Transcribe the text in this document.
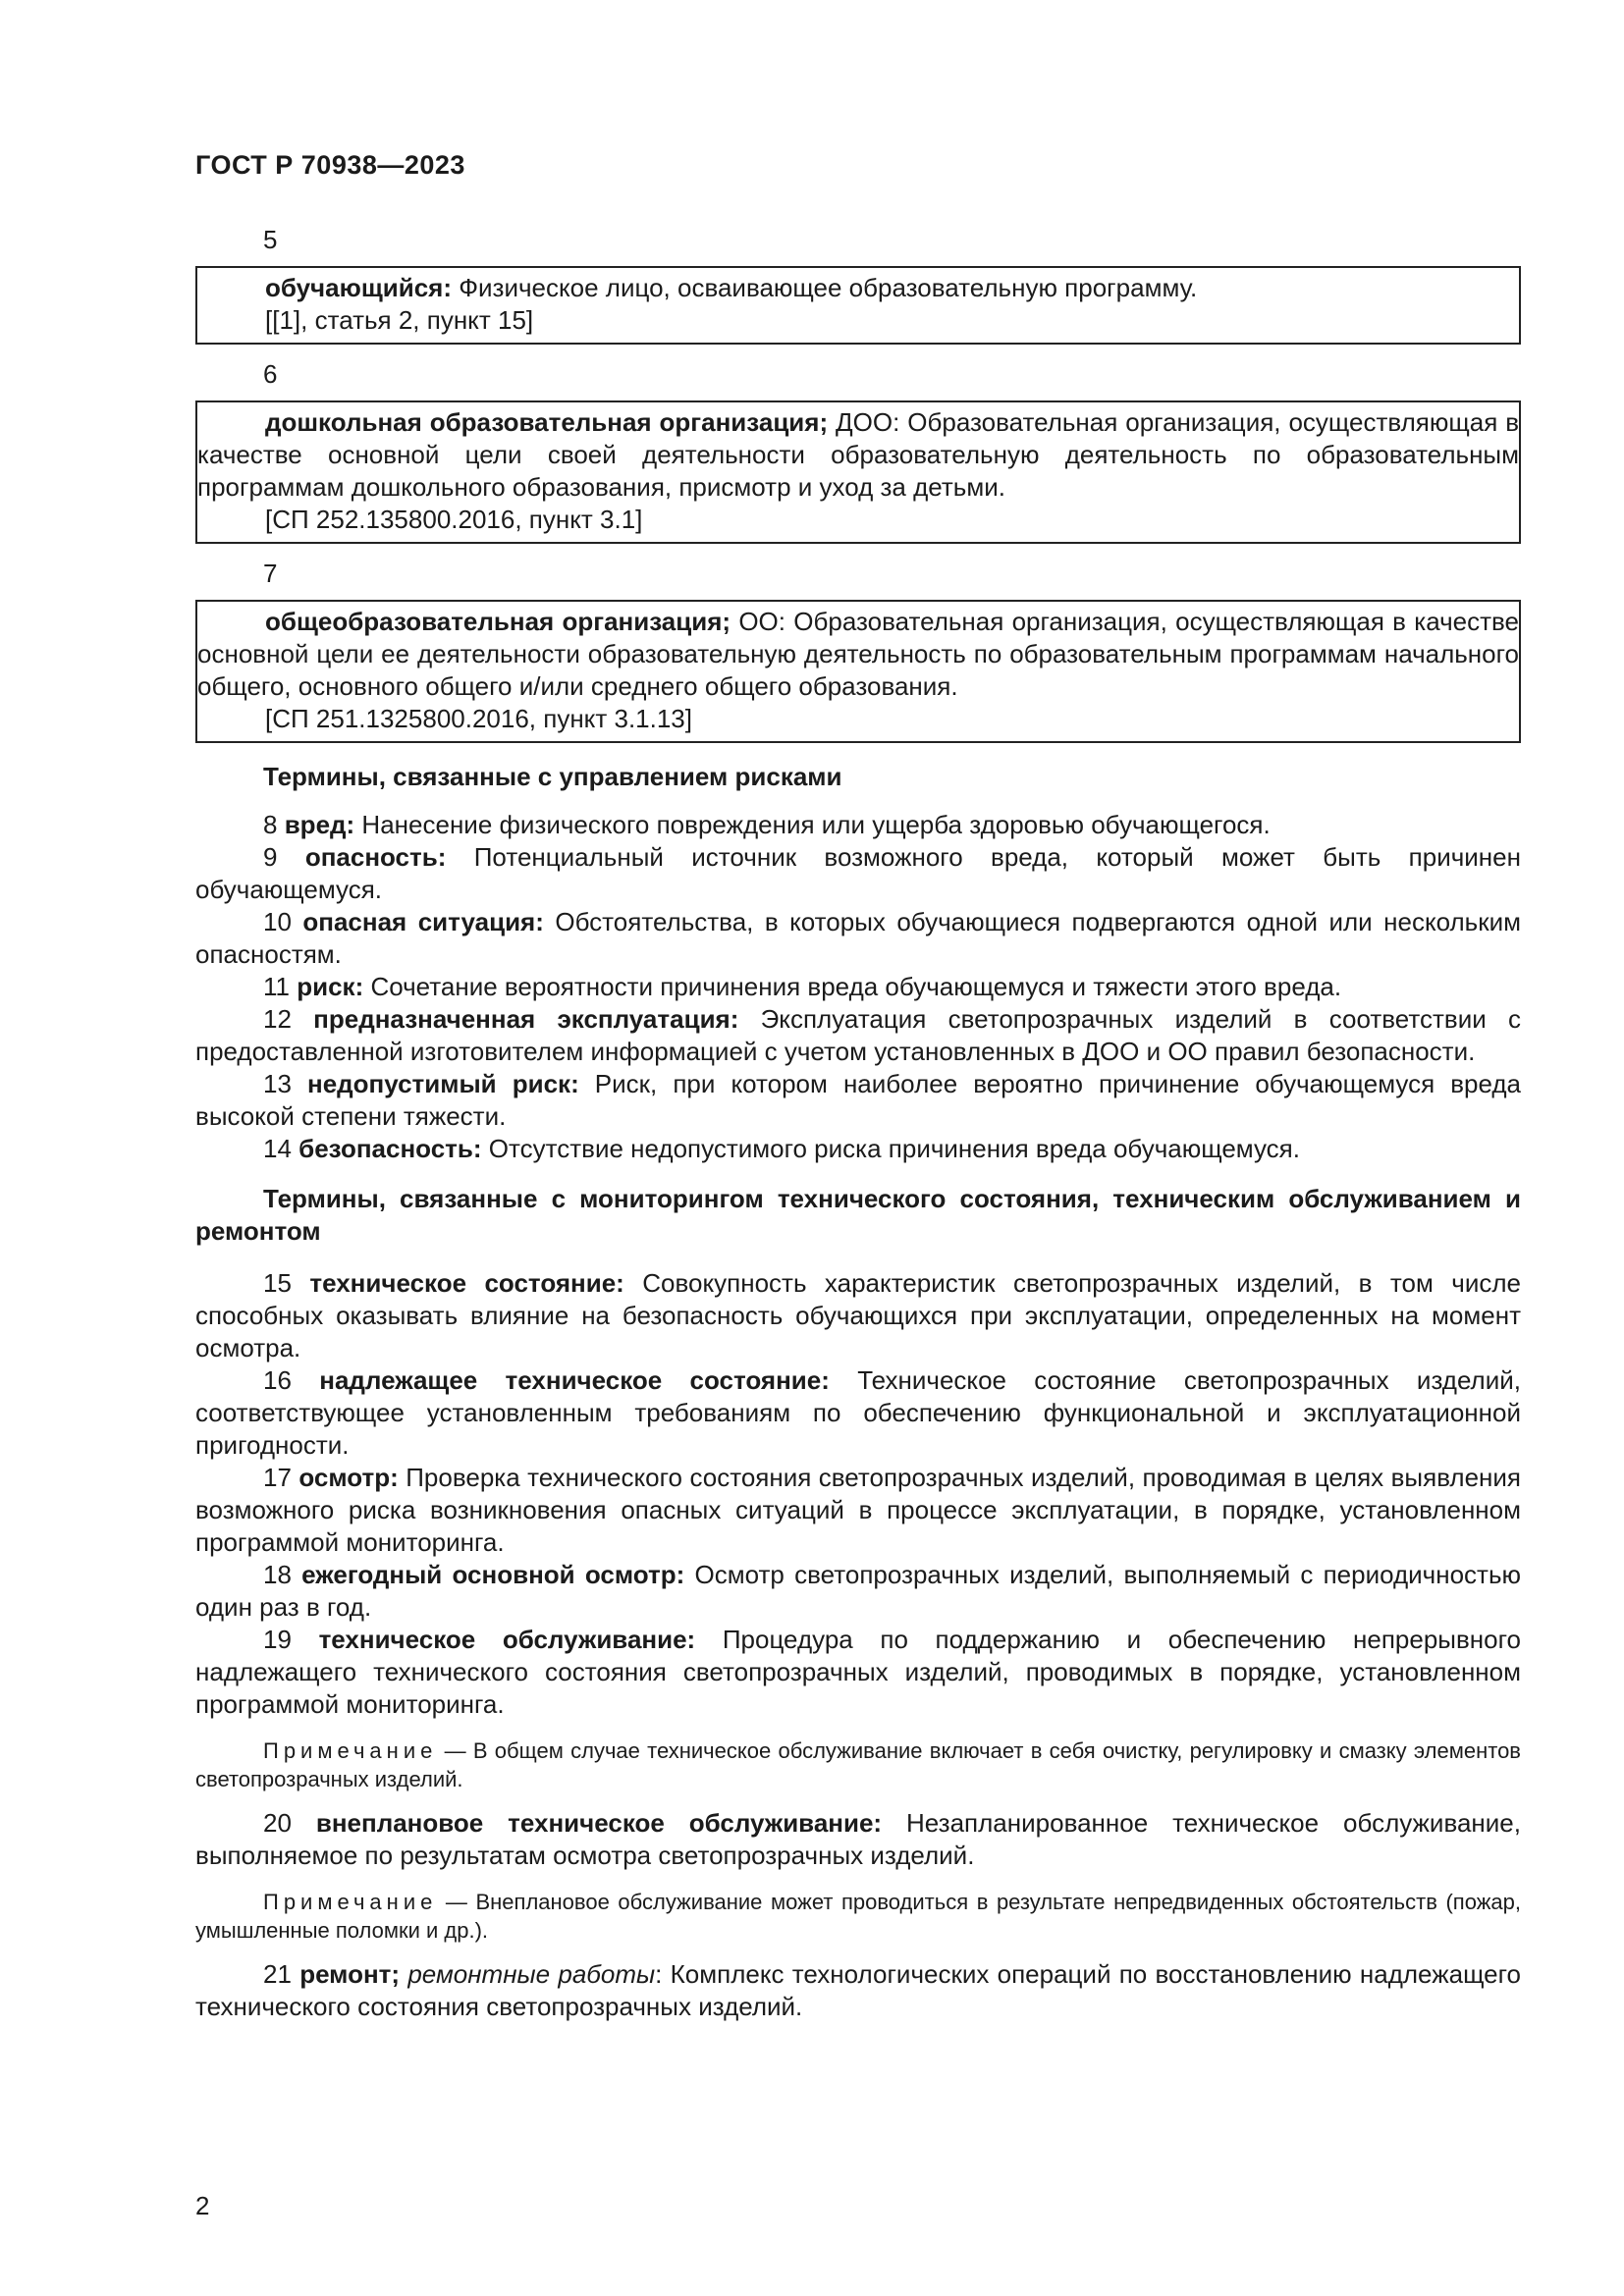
ГОСТ Р 70938—2023

5

обучающийся: Физическое лицо, осваивающее образовательную программу.

[[1], статья 2, пункт 15]

6

дошкольная образовательная организация; ДОО: Образовательная организация, осуществляющая в качестве основной цели своей деятельности образовательную деятельность по образовательным программам дошкольного образования, присмотр и уход за детьми.

[СП 252.135800.2016, пункт 3.1]

7

общеобразовательная организация; ОО: Образовательная организация, осуществляющая в качестве основной цели ее деятельности образовательную деятельность по образовательным программам начального общего, основного общего и/или среднего общего образования.

[СП 251.1325800.2016, пункт 3.1.13]

Термины, связанные с управлением рисками

8 вред: Нанесение физического повреждения или ущерба здоровью обучающегося.

9 опасность: Потенциальный источник возможного вреда, который может быть причинен обучающемуся.

10 опасная ситуация: Обстоятельства, в которых обучающиеся подвергаются одной или нескольким опасностям.

11 риск: Сочетание вероятности причинения вреда обучающемуся и тяжести этого вреда.

12 предназначенная эксплуатация: Эксплуатация светопрозрачных изделий в соответствии с предоставленной изготовителем информацией с учетом установленных в ДОО и ОО правил безопасности.

13 недопустимый риск: Риск, при котором наиболее вероятно причинение обучающемуся вреда высокой степени тяжести.

14 безопасность: Отсутствие недопустимого риска причинения вреда обучающемуся.

Термины, связанные с мониторингом технического состояния, техническим обслуживанием и ремонтом

15 техническое состояние: Совокупность характеристик светопрозрачных изделий, в том числе способных оказывать влияние на безопасность обучающихся при эксплуатации, определенных на момент осмотра.

16 надлежащее техническое состояние: Техническое состояние светопрозрачных изделий, соответствующее установленным требованиям по обеспечению функциональной и эксплуатационной пригодности.

17 осмотр: Проверка технического состояния светопрозрачных изделий, проводимая в целях выявления возможного риска возникновения опасных ситуаций в процессе эксплуатации, в порядке, установленном программой мониторинга.

18 ежегодный основной осмотр: Осмотр светопрозрачных изделий, выполняемый с периодичностью один раз в год.

19 техническое обслуживание: Процедура по поддержанию и обеспечению непрерывного надлежащего технического состояния светопрозрачных изделий, проводимых в порядке, установленном программой мониторинга.

Примечание — В общем случае техническое обслуживание включает в себя очистку, регулировку и смазку элементов светопрозрачных изделий.

20 внеплановое техническое обслуживание: Незапланированное техническое обслуживание, выполняемое по результатам осмотра светопрозрачных изделий.

Примечание — Внеплановое обслуживание может проводиться в результате непредвиденных обстоятельств (пожар, умышленные поломки и др.).

21 ремонт; ремонтные работы: Комплекс технологических операций по восстановлению надлежащего технического состояния светопрозрачных изделий.

2
